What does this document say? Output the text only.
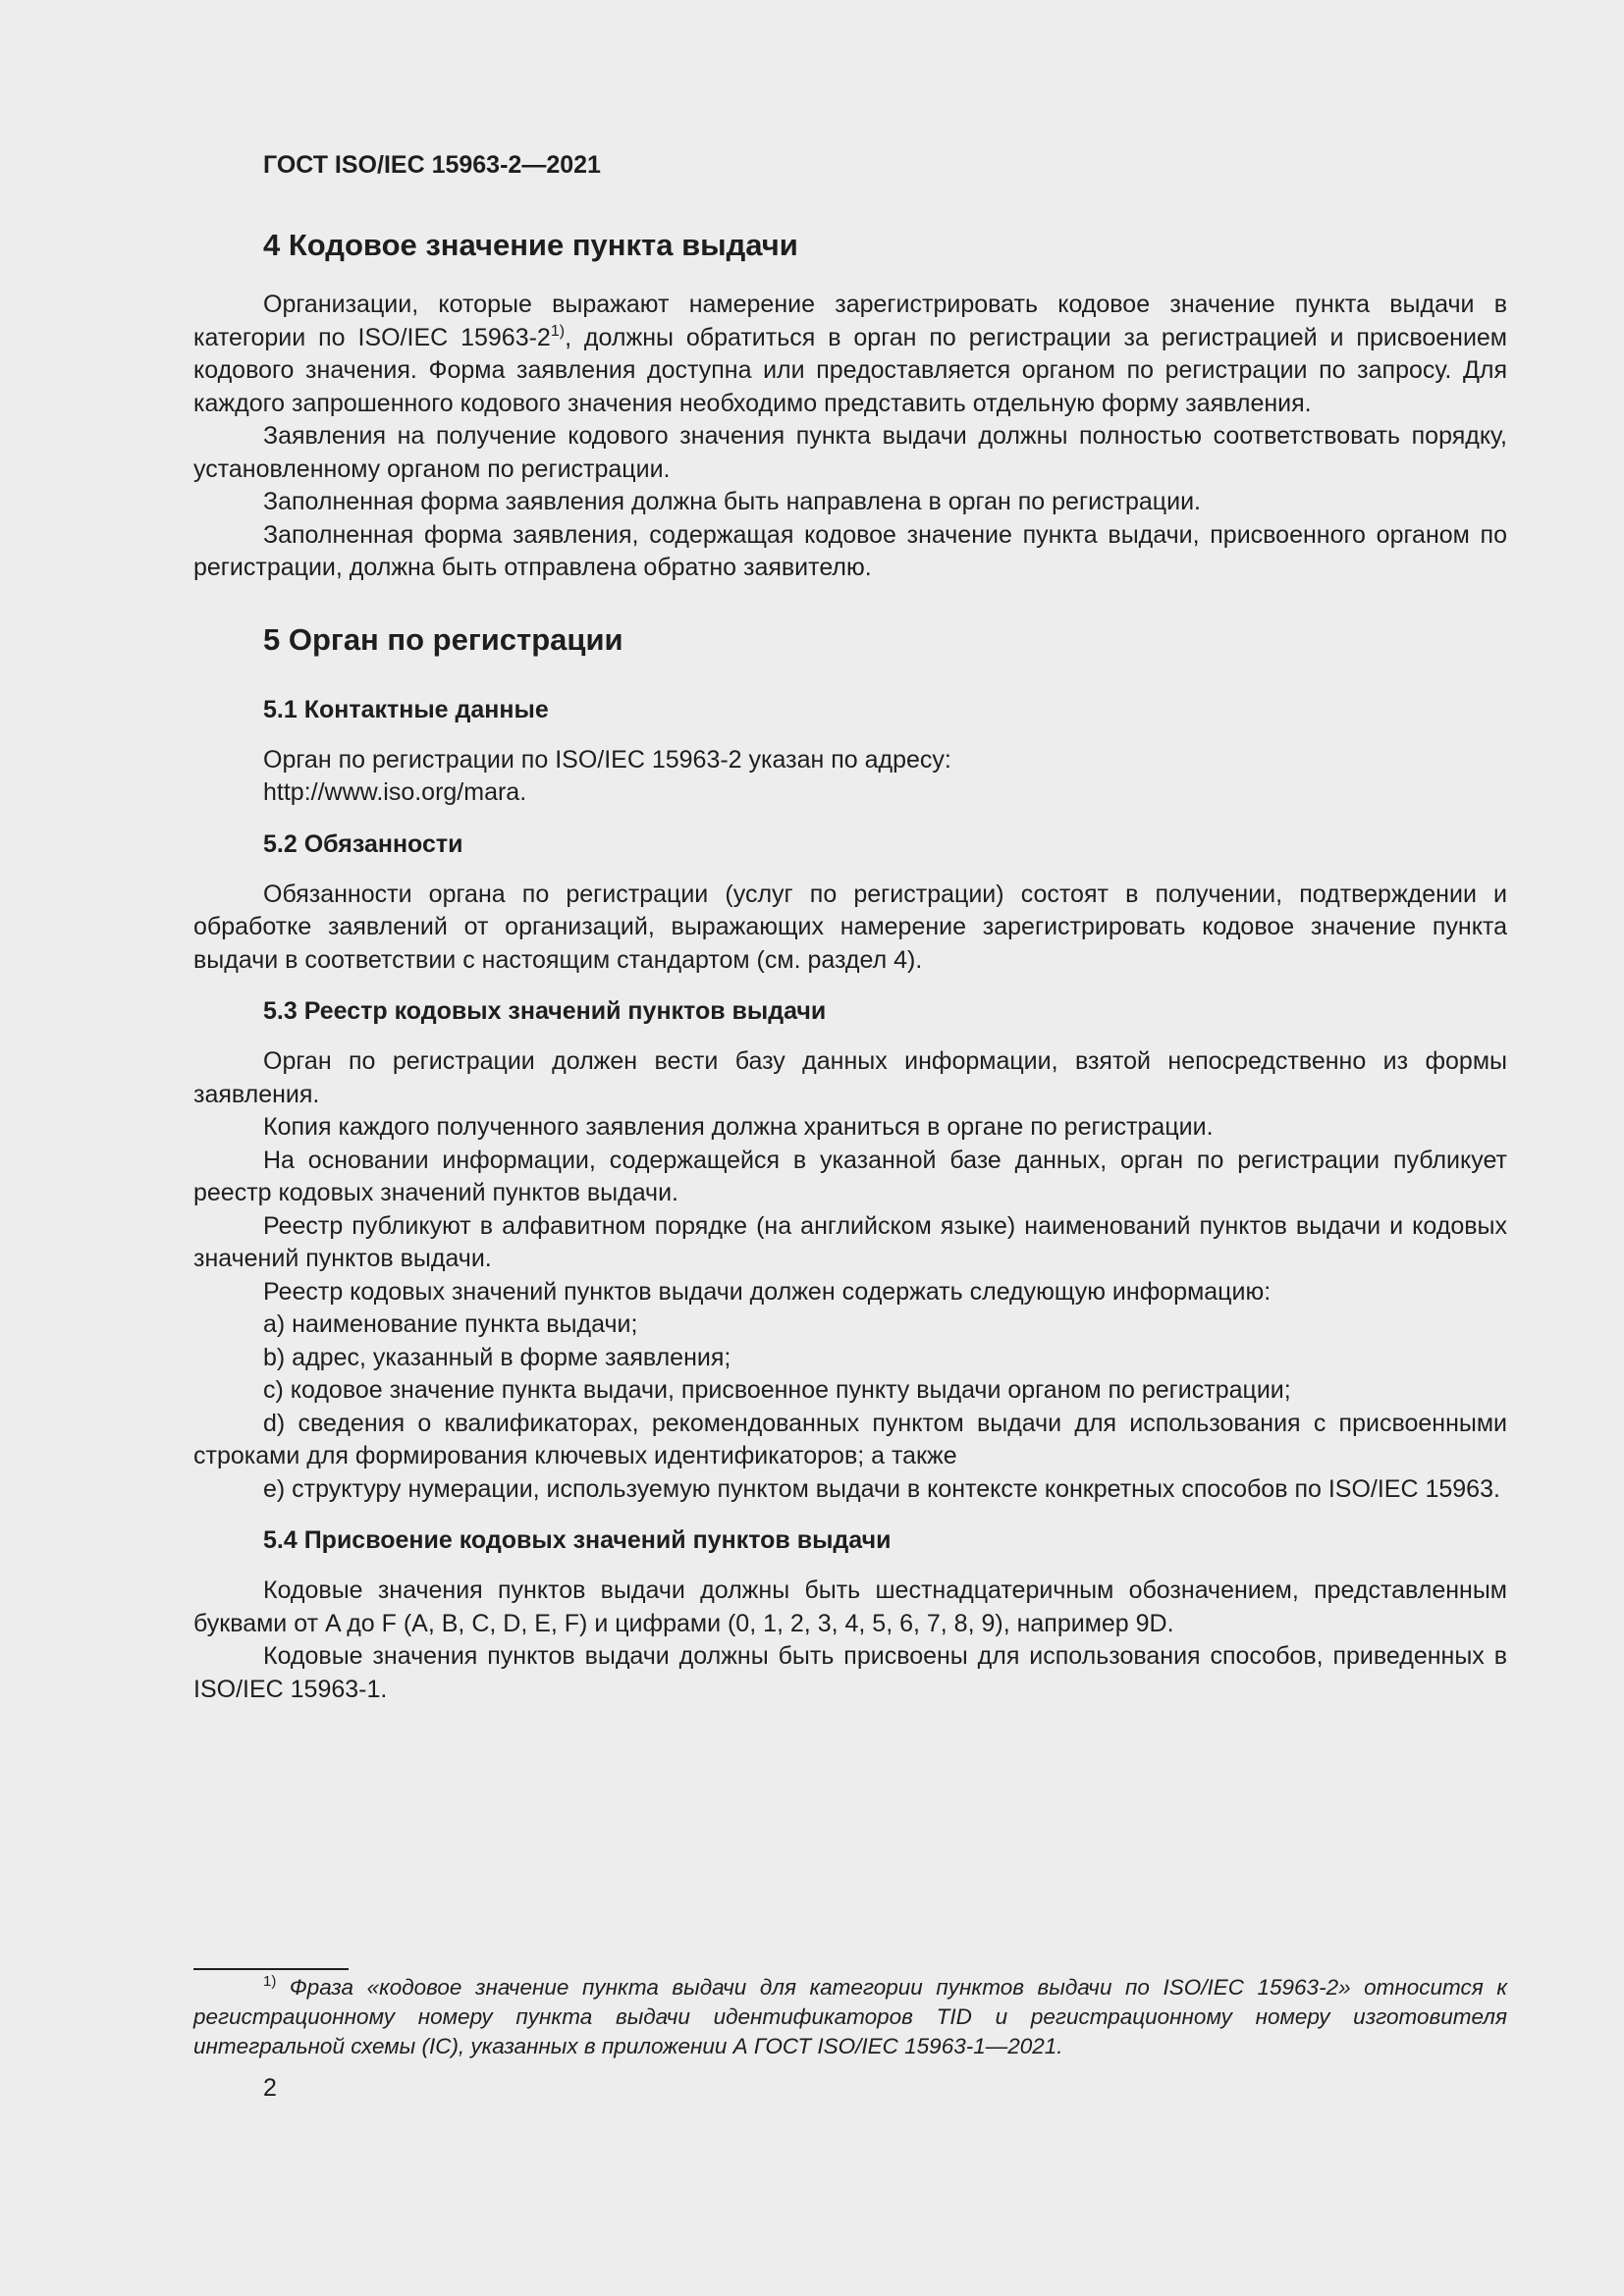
ГОСТ ISO/IEC 15963-2—2021

4 Кодовое значение пункта выдачи

Организации, которые выражают намерение зарегистрировать кодовое значение пункта выдачи в категории по ISO/IEC 15963-2$^{1)}$, должны обратиться в орган по регистрации за регистрацией и присвоением кодового значения. Форма заявления доступна или предоставляется органом по регистрации по запросу. Для каждого запрошенного кодового значения необходимо представить отдельную форму заявления.

Заявления на получение кодового значения пункта выдачи должны полностью соответствовать порядку, установленному органом по регистрации.

Заполненная форма заявления должна быть направлена в орган по регистрации.

Заполненная форма заявления, содержащая кодовое значение пункта выдачи, присвоенного органом по регистрации, должна быть отправлена обратно заявителю.

5 Орган по регистрации
5.1 Контактные данные

Орган по регистрации по ISO/IEC 15963-2 указан по адресу:

http://www.iso.org/mara.

5.2 Обязанности

Обязанности органа по регистрации (услуг по регистрации) состоят в получении, подтверждении и обработке заявлений от организаций, выражающих намерение зарегистрировать кодовое значение пункта выдачи в соответствии с настоящим стандартом (см. раздел 4).

5.3 Реестр кодовых значений пунктов выдачи

Орган по регистрации должен вести базу данных информации, взятой непосредственно из формы заявления.

Копия каждого полученного заявления должна храниться в органе по регистрации.

На основании информации, содержащейся в указанной базе данных, орган по регистрации публикует реестр кодовых значений пунктов выдачи.

Реестр публикуют в алфавитном порядке (на английском языке) наименований пунктов выдачи и кодовых значений пунктов выдачи.

Реестр кодовых значений пунктов выдачи должен содержать следующую информацию:

a) наименование пункта выдачи;

b) адрес, указанный в форме заявления;

c) кодовое значение пункта выдачи, присвоенное пункту выдачи органом по регистрации;

d) сведения о квалификаторах, рекомендованных пунктом выдачи для использования с присвоенными строками для формирования ключевых идентификаторов; а также

e) структуру нумерации, используемую пунктом выдачи в контексте конкретных способов по ISO/IEC 15963.

5.4 Присвоение кодовых значений пунктов выдачи

Кодовые значения пунктов выдачи должны быть шестнадцатеричным обозначением, представленным буквами от A до F (A, B, C, D, E, F) и цифрами (0, 1, 2, 3, 4, 5, 6, 7, 8, 9), например 9D.

Кодовые значения пунктов выдачи должны быть присвоены для использования способов, приведенных в ISO/IEC 15963-1.

$^{1)}$ Фраза «кодовое значение пункта выдачи для категории пунктов выдачи по ISO/IEC 15963-2» относится к регистрационному номеру пункта выдачи идентификаторов TID и регистрационному номеру изготовителя интегральной схемы (IC), указанных в приложении А ГОСТ ISO/IEC 15963-1—2021.

2
